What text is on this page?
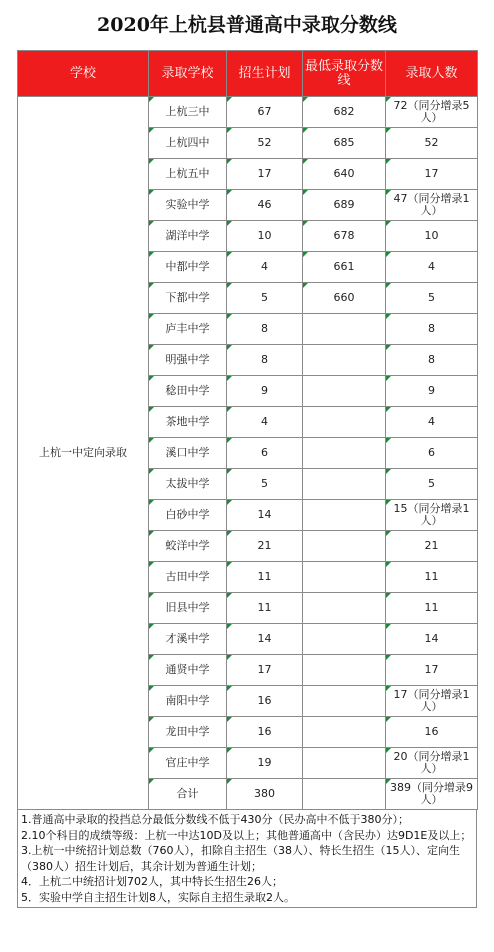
2020年上杭县普通高中录取分数线
学校	录取学校	招生计划	最低录取分数线	录取人数
上杭一中定向录取	上杭三中	67	682	72（同分增录5人）

上杭四中	52	685	52

上杭五中	17	640	17

实验中学	46	689	47（同分增录1人）

湖洋中学	10	678	10

中都中学	4	661	4

下都中学	5	660	5

庐丰中学	8		8

明强中学	8		8

稔田中学	9		9

茶地中学	4		4

溪口中学	6		6

太拔中学	5		5

白砂中学	14		15（同分增录1人）

蛟洋中学	21		21

古田中学	11		11

旧县中学	11		11

才溪中学	14		14

通贤中学	17		17

南阳中学	16		17（同分增录1人）

龙田中学	16		16

官庄中学	19		20（同分增录1人）

合计	380		389（同分增录9人）

1.普通高中录取的投挡总分最低分数线不低于430分（民办高中不低于380分）；

2.10个科目的成绩等级：上杭一中达10D及以上；其他普通高中（含民办）达9D1E及以上；

3.上杭一中统招计划总数（760人），扣除自主招生（38人）、特长生招生（15人）、定向生（380人）招生计划后，其余计划为普通生计划；

4．上杭二中统招计划702人，其中特长生招生26人；

5．实验中学自主招生计划8人，实际自主招生录取2人。
